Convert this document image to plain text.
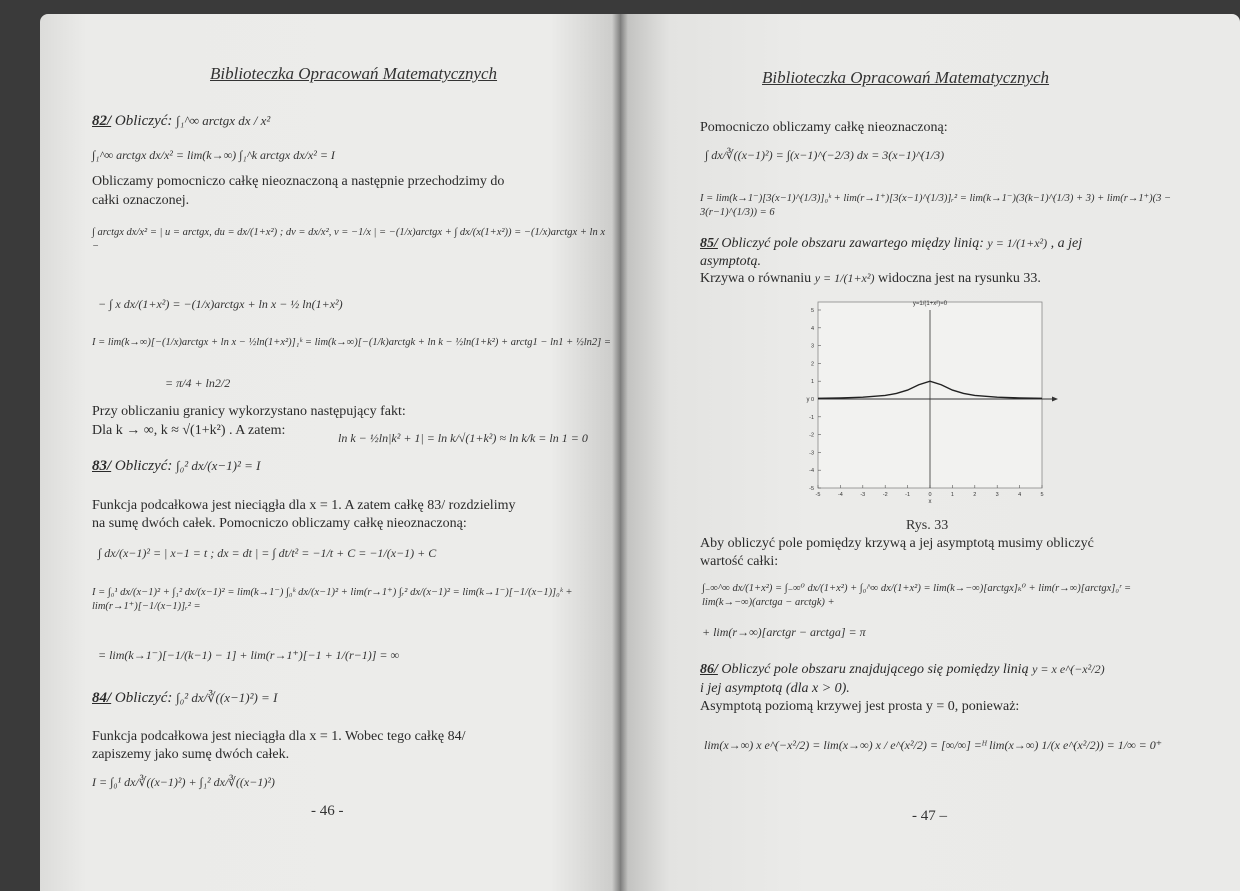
Biblioteczka Opracowań Matematycznych
82/ Obliczyć: ∫₁^∞ arctgx dx / x²
∫₁^∞ arctgx dx/x² = lim(k→∞) ∫₁^k arctgx dx/x² = I
Obliczamy pomocniczo całkę nieoznaczoną a następnie przechodzimy do
całki oznaczonej.
∫ arctgx dx/x² = | u = arctgx, du = dx/(1+x²) ; dv = dx/x², v = −1/x | = −(1/x)arctgx + ∫ dx/(x(1+x²)) = −(1/x)arctgx + ln x −
− ∫ x dx/(1+x²) = −(1/x)arctgx + ln x − ½ ln(1+x²)
I = lim(k→∞)[−(1/x)arctgx + ln x − ½ln(1+x²)]₁ᵏ = lim(k→∞)[−(1/k)arctgk + ln k − ½ln(1+k²) + arctg1 − ln1 + ½ln2] =
= π/4 + ln2/2
Przy obliczaniu granicy wykorzystano następujący fakt:
Dla k → ∞, k ≈ √(1+k²) . A zatem:	ln k − ½ln|k² + 1| = ln k/√(1+k²) ≈ ln k/k = ln 1 = 0
83/ Obliczyć: ∫₀² dx/(x−1)² = I
Funkcja podcałkowa jest nieciągła dla x = 1. A zatem całkę 83/ rozdzielimy
na sumę dwóch całek. Pomocniczo obliczamy całkę nieoznaczoną:
∫ dx/(x−1)² = | x−1 = t ; dx = dt | = ∫ dt/t² = −1/t + C = −1/(x−1) + C
I = ∫₀¹ dx/(x−1)² + ∫₁² dx/(x−1)² = lim(k→1⁻) ∫₀ᵏ dx/(x−1)² + lim(r→1⁺) ∫ᵣ² dx/(x−1)² = lim(k→1⁻)[−1/(x−1)]₀ᵏ + lim(r→1⁺)[−1/(x−1)]ᵣ² =
= lim(k→1⁻)[−1/(k−1) − 1] + lim(r→1⁺)[−1 + 1/(r−1)] = ∞
84/ Obliczyć: ∫₀² dx/∛((x−1)²) = I
Funkcja podcałkowa jest nieciągła dla x = 1. Wobec tego całkę 84/
zapiszemy jako sumę dwóch całek.
I = ∫₀¹ dx/∛((x−1)²) + ∫₁² dx/∛((x−1)²)
- 46 -
Biblioteczka Opracowań Matematycznych
Pomocniczo obliczamy całkę nieoznaczoną:
∫ dx/∛((x−1)²) = ∫(x−1)^(−2/3) dx = 3(x−1)^(1/3)
I = lim(k→1⁻)[3(x−1)^(1/3)]₀ᵏ + lim(r→1⁺)[3(x−1)^(1/3)]ᵣ² = lim(k→1⁻)(3(k−1)^(1/3) + 3) + lim(r→1⁺)(3 − 3(r−1)^(1/3)) = 6
85/ Obliczyć pole obszaru zawartego między linią: y = 1/(1+x²) , a jej
asymptotą.
Krzywa o równaniu y = 1/(1+x²) widoczna jest na rysunku 33.
y=1/(1+x²)=0
-5	-4	-3	-2	-1	0	1	2	3	4	5
5
4
3
2
1
0
-1
-2
-3
-4
-5
x
y
Rys. 33
Aby obliczyć pole pomiędzy krzywą a jej asymptotą musimy obliczyć
wartość całki:
∫₋∞^∞ dx/(1+x²) = ∫₋∞⁰ dx/(1+x²) + ∫₀^∞ dx/(1+x²) = lim(k→−∞)[arctgx]ₖ⁰ + lim(r→∞)[arctgx]₀ʳ = lim(k→−∞)(arctga − arctgk) +
+ lim(r→∞)[arctgr − arctga] = π
86/ Obliczyć pole obszaru znajdującego się pomiędzy linią y = x e^(−x²/2)
i jej asymptotą (dla x > 0).
Asymptotą poziomą krzywej jest prosta y = 0, ponieważ:
lim(x→∞) x e^(−x²/2) = lim(x→∞) x / e^(x²/2) = [∞/∞] =ᴴ lim(x→∞) 1/(x e^(x²/2)) = 1/∞ = 0⁺
- 47 –
